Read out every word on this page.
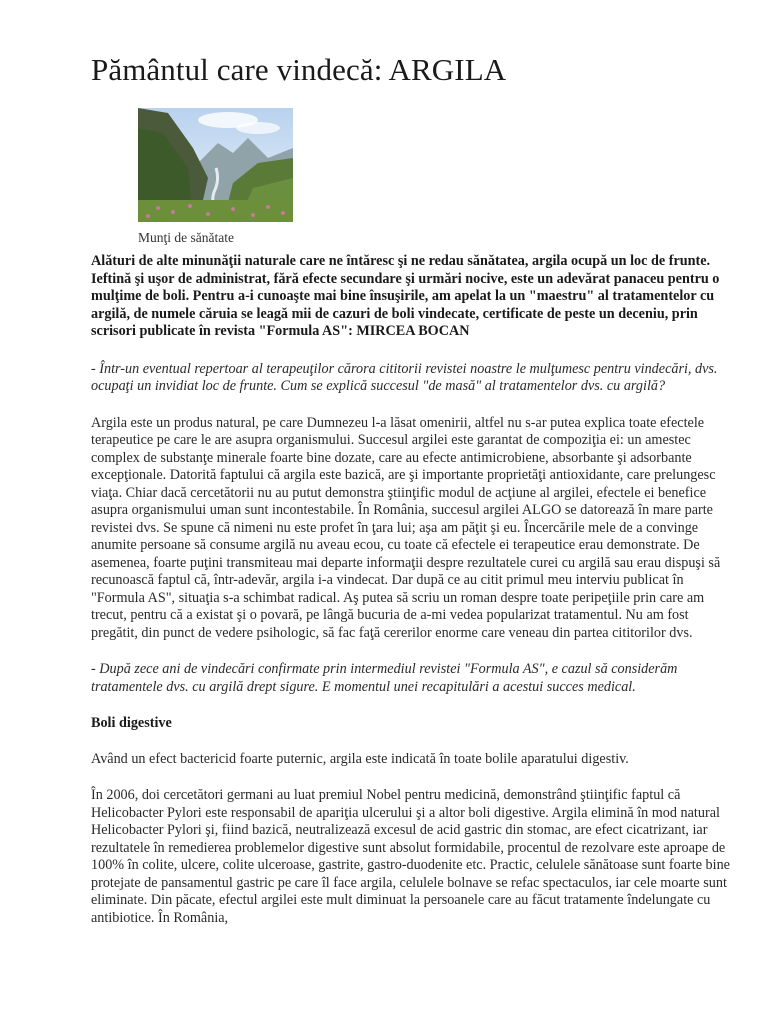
Pământul care vindecă: ARGILA
Munţi de sănătate

Alături de alte minunăţii naturale care ne întăresc şi ne redau sănătatea, argila ocupă un loc de frunte. Ieftină şi uşor de administrat, fără efecte secundare şi urmări nocive, este un adevărat panaceu pentru o mulţime de boli. Pentru a-i cunoaşte mai bine însuşirile, am apelat la un "maestru" al tratamentelor cu argilă, de numele căruia se leagă mii de cazuri de boli vindecate, certificate de peste un deceniu, prin scrisori publicate în revista "Formula AS": MIRCEA BOCAN

- Într-un eventual repertoar al terapeuţilor cărora cititorii revistei noastre le mulţumesc pentru vindecări, dvs. ocupaţi un invidiat loc de frunte. Cum se explică succesul "de masă" al tratamentelor dvs. cu argilă?

Argila este un produs natural, pe care Dumnezeu l-a lăsat omenirii, altfel nu s-ar putea explica toate efectele terapeutice pe care le are asupra organismului. Succesul argilei este garantat de compoziţia ei: un amestec complex de substanţe minerale foarte bine dozate, care au efecte antimicrobiene, absorbante şi adsorbante excepţionale. Datorită faptului că argila este bazică, are şi importante proprietăţi antioxidante, care prelungesc viaţa. Chiar dacă cercetătorii nu au putut demonstra ştiinţific modul de acţiune al argilei, efectele ei benefice asupra organismului uman sunt incontestabile. În România, succesul argilei ALGO se datorează în mare parte revistei dvs. Se spune că nimeni nu este profet în ţara lui; aşa am păţit şi eu. Încercările mele de a convinge anumite persoane să consume argilă nu aveau ecou, cu toate că efectele ei terapeutice erau demonstrate. De asemenea, foarte puţini transmiteau mai departe informaţii despre rezultatele curei cu argilă sau erau dispuşi să recunoască faptul că, într-adevăr, argila i-a vindecat. Dar după ce au citit primul meu interviu publicat în "Formula AS", situaţia s-a schimbat radical. Aş putea să scriu un roman despre toate peripeţiile prin care am trecut, pentru că a existat şi o povară, pe lângă bucuria de a-mi vedea popularizat tratamentul. Nu am fost pregătit, din punct de vedere psihologic, să fac faţă cererilor enorme care veneau din partea cititorilor dvs.

- După zece ani de vindecări confirmate prin intermediul revistei "Formula AS", e cazul să considerăm tratamentele dvs. cu argilă drept sigure. E momentul unei recapitulări a acestui succes medical.

Boli digestive

Având un efect bactericid foarte puternic, argila este indicată în toate bolile aparatului digestiv.

În 2006, doi cercetători germani au luat premiul Nobel pentru medicină, demonstrând ştiinţific faptul că Helicobacter Pylori este responsabil de apariţia ulcerului şi a altor boli digestive. Argila elimină în mod natural Helicobacter Pylori şi, fiind bazică, neutralizează excesul de acid gastric din stomac, are efect cicatrizant, iar rezultatele în remedierea problemelor digestive sunt absolut formidabile, procentul de rezolvare este aproape de 100% în colite, ulcere, colite ulceroase, gastrite, gastro-duodenite etc. Practic, celulele sănătoase sunt foarte bine protejate de pansamentul gastric pe care îl face argila, celulele bolnave se refac spectaculos, iar cele moarte sunt eliminate. Din păcate, efectul argilei este mult diminuat la persoanele care au făcut tratamente îndelungate cu antibiotice. În România,
